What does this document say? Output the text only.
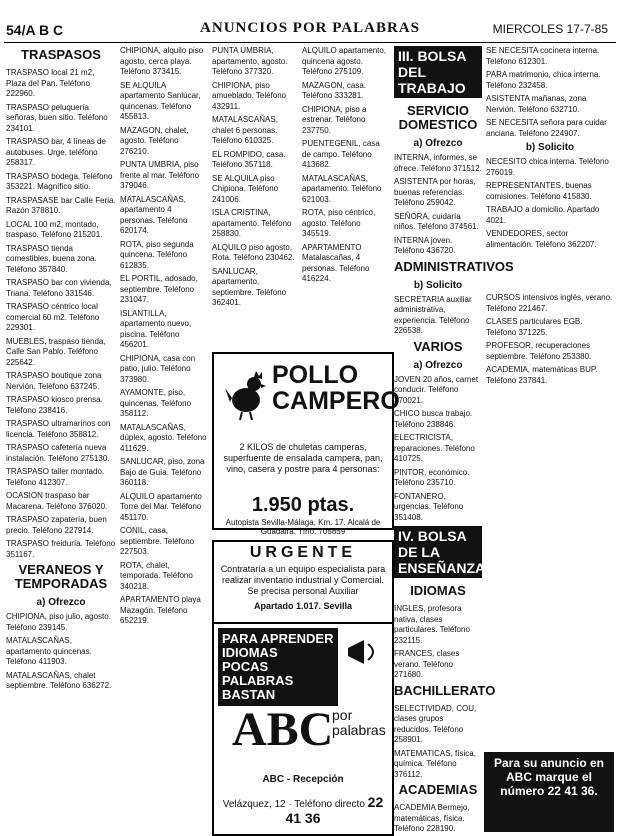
54/A B C	ANUNCIOS POR PALABRAS	MIERCOLES 17-7-85
TRASPASOS

TRASPASO local 21 m2, Plaza del Pan. Teléfono 222960.

TRASPASO peluquería señoras, buen sitio. Teléfono 234101.

TRASPASO bar, 4 líneas de autobuses. Urge, teléfono 258317.

TRASPASO bodega. Teléfono 353221. Magnífico sitio.

TRASPASASE bar Calle Feria. Razón 378810.

LOCAL 100 m2, montado, traspaso. Teléfono 215201.

TRASPASO tienda comestibles, buena zona. Teléfono 357840.

TRASPASO bar con vivienda, Triana. Teléfono 331546.

TRASPASO céntrico local comercial 60 m2. Teléfono 229301.

MUEBLES, traspaso tienda, Calle San Pablo. Teléfono 225642.

TRASPASO boutique zona Nervión. Teléfono 637245.

TRASPASO kiosco prensa. Teléfono 238416.

TRASPASO ultramarinos con licencia. Teléfono 358812.

TRASPASO cafetería nueva instalación. Teléfono 275130.

TRASPASO taller montado. Teléfono 412307.

OCASION traspaso bar Macarena. Teléfono 376020.

TRASPASO zapatería, buen precio. Teléfono 227914.

TRASPASO freiduría. Teléfono 351167.

VERANEOS Y TEMPORADAS
a) Ofrezco

CHIPIONA, piso julio, agosto. Teléfono 239145.

MATALASCAÑAS, apartamento quincenas. Teléfono 411903.

MATALASCAÑAS, chalet septiembre. Teléfono 636272.

CHIPIONA, alquilo piso agosto, cerca playa. Teléfono 373415.

SE ALQUILA apartamento Sanlúcar, quincenas. Teléfono 455813.

MAZAGON, chalet, agosto. Teléfono 276210.

PUNTA UMBRIA, piso frente al mar. Teléfono 379046.

MATALASCAÑAS, apartamento 4 personas. Teléfono 620174.

ROTA, piso segunda quincena. Teléfono 612835.

EL PORTIL, adosado, septiembre. Teléfono 231047.

ISLANTILLA, apartamento nuevo, piscina. Teléfono 456201.

CHIPIONA, casa con patio, julio. Teléfono 373980.

AYAMONTE, piso, quincenas. Teléfono 358112.

MATALASCAÑAS, dúplex, agosto. Teléfono 411629.

SANLUCAR, piso, zona Bajo de Guía. Teléfono 360118.

ALQUILO apartamento Torre del Mar. Teléfono 451170.

CONIL, casa, septiembre. Teléfono 227503.

ROTA, chalet, temporada. Teléfono 340218.

APARTAMENTO playa Mazagón. Teléfono 652219.

PUNTA UMBRIA, apartamento, agosto. Teléfono 377320.

CHIPIONA, piso amueblado. Teléfono 432911.

MATALASCAÑAS, chalet 6 personas. Teléfono 610325.

EL ROMPIDO, casa. Teléfono 357118.

SE ALQUILA piso Chipiona. Teléfono 241006.

ISLA CRISTINA, apartamento. Teléfono 258830.

ALQUILO piso agosto, Rota. Teléfono 230462.

SANLUCAR, apartamento, septiembre. Teléfono 362401.

ALQUILO apartamento, quincena agosto. Teléfono 275109.

MAZAGON, casa. Teléfono 333281.

CHIPIONA, piso a estrenar. Teléfono 237750.

PUENTEGENIL, casa de campo. Teléfono 413682.

MATALASCAÑAS, apartamento. Teléfono 621003.

ROTA, piso céntrico, agosto. Teléfono 345519.

APARTAMENTO Matalascañas, 4 personas. Teléfono 416224.

POLLO CAMPERO
2 KILOS de chuletas camperas, superfuente de ensalada campera, pan, vino, casera y postre para 4 personas:
1.950 ptas.
Autopista Sevilla-Málaga, Km. 17. Alcalá de Guadaira. Tfno. 705859
URGENTE
Contrataría a un equipo especialista para realizar inventario industrial y Comercial. Se precisa personal Auxiliar
Apartado 1.017. Sevilla
PARA APRENDER
IDIOMAS
POCAS
PALABRAS
BASTAN
ABC
por palabras
ABC - Recepción
Velázquez, 12 · Teléfono directo 22 41 36
III. BOLSA DEL TRABAJO
SERVICIO DOMESTICO
a) Ofrezco

INTERNA, informes, se ofrece. Teléfono 371512.

ASISTENTA por horas, buenas referencias. Teléfono 259042.

SEÑORA, cuidaría niños. Teléfono 374561.

INTERNA joven. Teléfono 436720.

ADMINISTRATIVOS
b) Solicito

SECRETARIA auxiliar administrativa, experiencia. Teléfono 226538.

VARIOS
a) Ofrezco

JOVEN 20 años, carnet conducir. Teléfono 370021.

CHICO busca trabajo. Teléfono 238846.

ELECTRICISTA, reparaciones. Teléfono 410725.

PINTOR, económico. Teléfono 235710.

FONTANERO, urgencias. Teléfono 351408.

IV. BOLSA DE LA ENSEÑANZA
IDIOMAS

INGLES, profesora nativa, clases particulares. Teléfono 232115.

FRANCES, clases verano. Teléfono 271680.

BACHILLERATO

SELECTIVIDAD, COU, clases grupos reducidos. Teléfono 258901.

MATEMATICAS, física, química. Teléfono 376112.

ACADEMIAS

ACADEMIA Bermejo, matemáticas, física. Teléfono 228190.

SE NECESITA cocinera interna. Teléfono 612301.

PARA matrimonio, chica interna. Teléfono 232458.

ASISTENTA mañanas, zona Nervión. Teléfono 632710.

SE NECESITA señora para cuidar anciana. Teléfono 224907.

b) Solicito

NECESITO chica interna. Teléfono 276019.

REPRESENTANTES, buenas comisiones. Teléfono 415830.

TRABAJO a domicilio. Apartado 4021.

VENDEDORES, sector alimentación. Teléfono 362207.

CURSOS intensivos inglés, verano. Teléfono 221467.

CLASES particulares EGB. Teléfono 371225.

PROFESOR, recuperaciones septiembre. Teléfono 253380.

ACADEMIA, matemáticas BUP. Teléfono 237841.

Para su anuncio en ABC marque el número 22 41 36.
